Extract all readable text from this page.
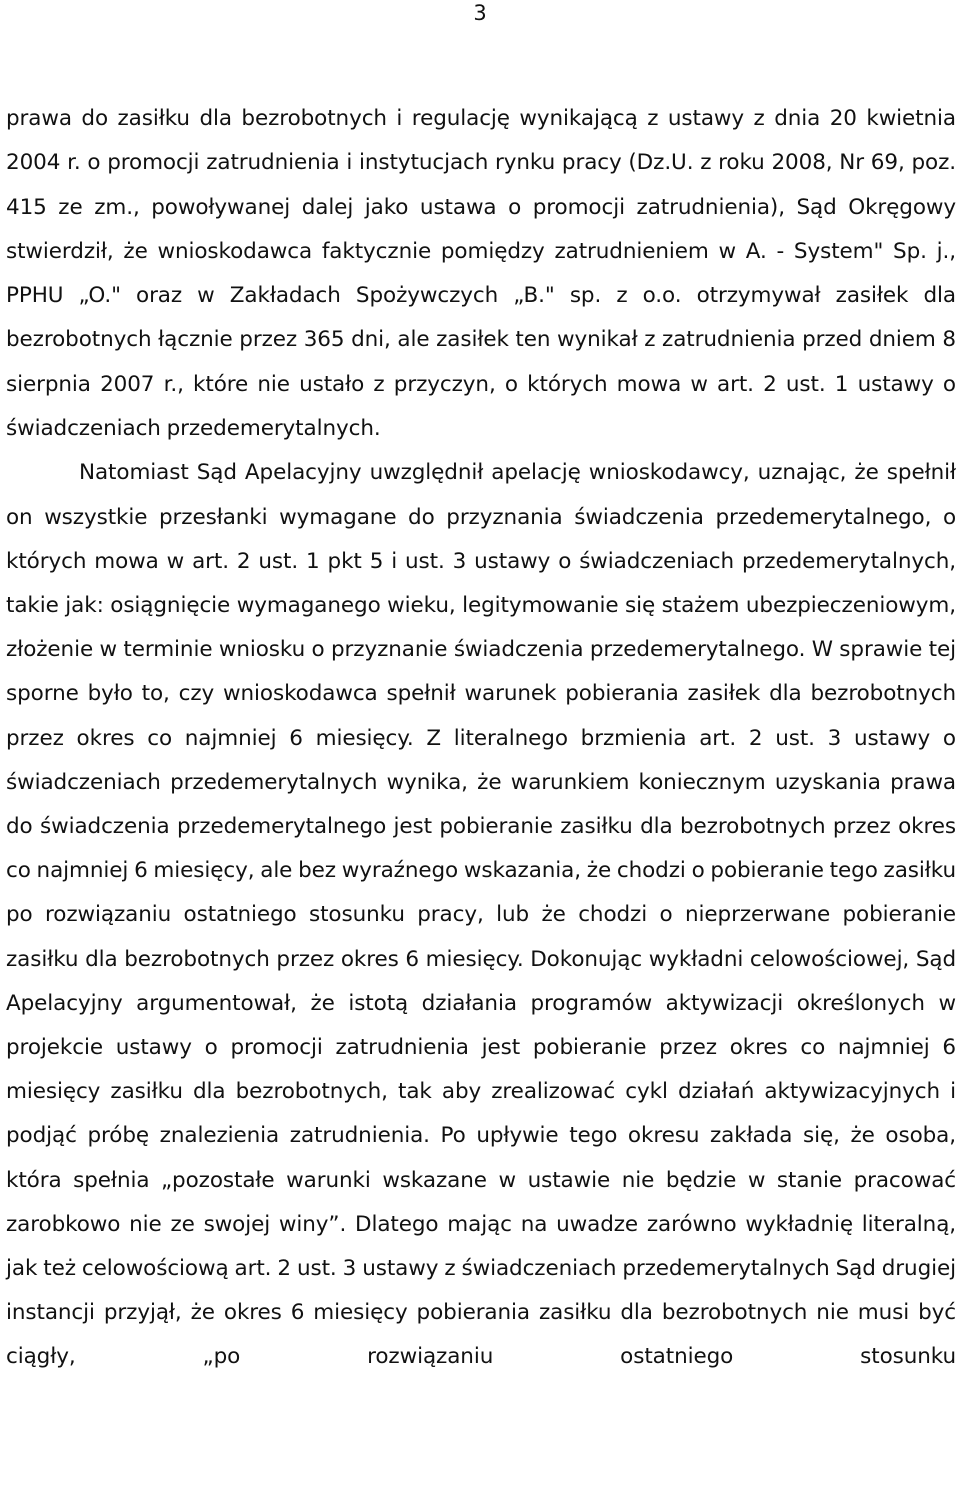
3

prawa do zasiłku dla bezrobotnych i regulację wynikającą z ustawy z dnia 20 kwietnia 2004 r. o promocji zatrudnienia i instytucjach rynku pracy (Dz.U. z roku 2008, Nr 69, poz. 415 ze zm., powoływanej dalej jako ustawa o promocji zatrudnienia), Sąd Okręgowy stwierdził, że wnioskodawca faktycznie pomiędzy zatrudnieniem w A. - System" Sp. j., PPHU „O." oraz w Zakładach Spożywczych „B." sp. z o.o. otrzymywał zasiłek dla bezrobotnych łącznie przez 365 dni, ale zasiłek ten wynikał z zatrudnienia przed dniem 8 sierpnia 2007 r., które nie ustało z przyczyn, o których mowa w art. 2 ust. 1 ustawy o świadczeniach przedemerytalnych.

Natomiast Sąd Apelacyjny uwzględnił apelację wnioskodawcy, uznając, że spełnił on wszystkie przesłanki wymagane do przyznania świadczenia przedemerytalnego, o których mowa w art. 2 ust. 1 pkt 5 i ust. 3 ustawy o świadczeniach przedemerytalnych, takie jak: osiągnięcie wymaganego wieku, legitymowanie się stażem ubezpieczeniowym, złożenie w terminie wniosku o przyznanie świadczenia przedemerytalnego. W sprawie tej sporne było to, czy wnioskodawca spełnił warunek pobierania zasiłek dla bezrobotnych przez okres co najmniej 6 miesięcy. Z literalnego brzmienia art. 2 ust. 3 ustawy o świadczeniach przedemerytalnych wynika, że warunkiem koniecznym uzyskania prawa do świadczenia przedemerytalnego jest pobieranie zasiłku dla bezrobotnych przez okres co najmniej 6 miesięcy, ale bez wyraźnego wskazania, że chodzi o pobieranie tego zasiłku po rozwiązaniu ostatniego stosunku pracy, lub że chodzi o nieprzerwane pobieranie zasiłku dla bezrobotnych przez okres 6 miesięcy. Dokonując wykładni celowościowej, Sąd Apelacyjny argumentował, że istotą działania programów aktywizacji określonych w projekcie ustawy o promocji zatrudnienia jest pobieranie przez okres co najmniej 6 miesięcy zasiłku dla bezrobotnych, tak aby zrealizować cykl działań aktywizacyjnych i podjąć próbę znalezienia zatrudnienia. Po upływie tego okresu zakłada się, że osoba, która spełnia „pozostałe warunki wskazane w ustawie nie będzie w stanie pracować zarobkowo nie ze swojej winy”. Dlatego mając na uwadze zarówno wykładnię literalną, jak też celowościową art. 2 ust. 3 ustawy z świadczeniach przedemerytalnych Sąd drugiej instancji przyjął, że okres 6 miesięcy pobierania zasiłku dla bezrobotnych nie musi być ciągły, „po rozwiązaniu ostatniego stosunku
